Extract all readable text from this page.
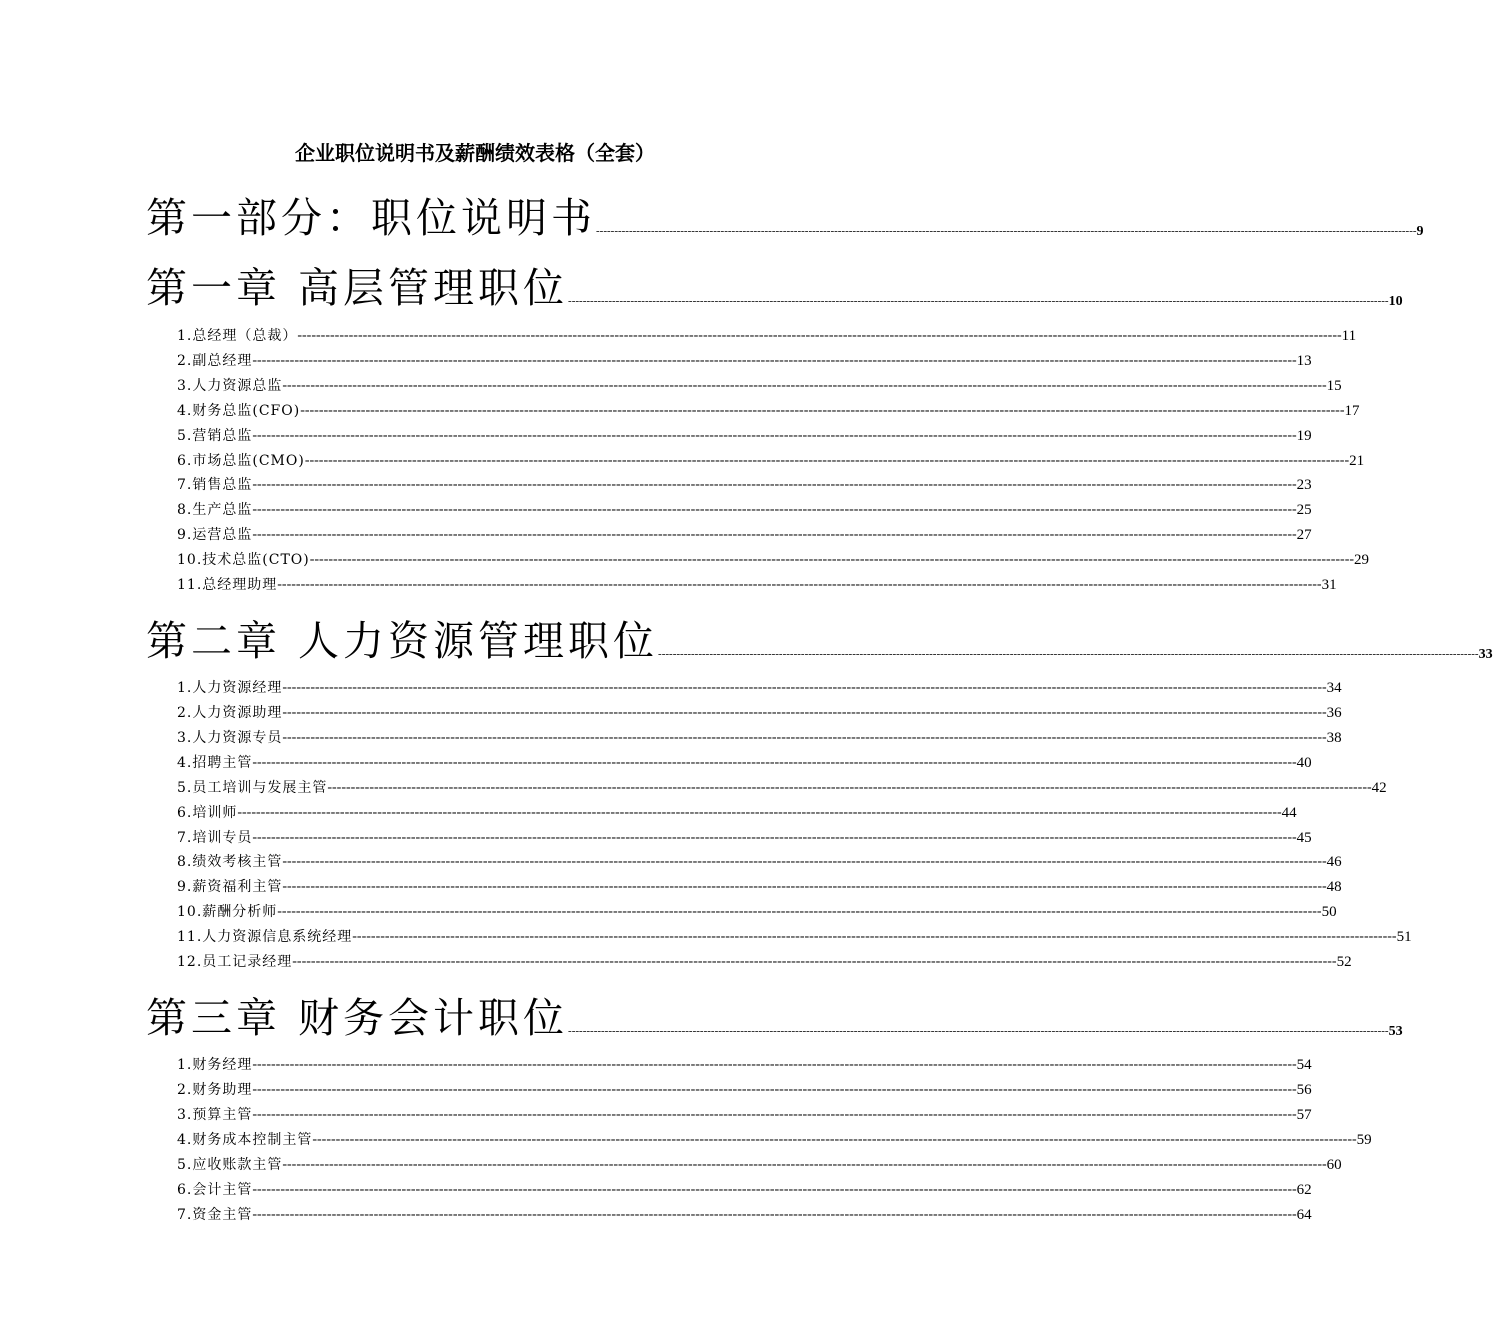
企业职位说明书及薪酬绩效表格（全套）
第一部分：职位说明书 -------------------------------------------------------------------------------------------------------------------------------------------------------------------------------------------------------------------------------- 9
第一章 高层管理职位 -------------------------------------------------------------------------------------------------------------------------------------------------------------------------------------------------------------------------------- 10
1.总经理（总裁） -------------------------------------------------------------------------------------------------------------------------------------------------------------------------------------------------------------------------------- 11
2.副总经理 -------------------------------------------------------------------------------------------------------------------------------------------------------------------------------------------------------------------------------- 13
3.人力资源总监 -------------------------------------------------------------------------------------------------------------------------------------------------------------------------------------------------------------------------------- 15
4.财务总监(CFO) -------------------------------------------------------------------------------------------------------------------------------------------------------------------------------------------------------------------------------- 17
5.营销总监 -------------------------------------------------------------------------------------------------------------------------------------------------------------------------------------------------------------------------------- 19
6.市场总监(CMO) -------------------------------------------------------------------------------------------------------------------------------------------------------------------------------------------------------------------------------- 21
7.销售总监 -------------------------------------------------------------------------------------------------------------------------------------------------------------------------------------------------------------------------------- 23
8.生产总监 -------------------------------------------------------------------------------------------------------------------------------------------------------------------------------------------------------------------------------- 25
9.运营总监 -------------------------------------------------------------------------------------------------------------------------------------------------------------------------------------------------------------------------------- 27
10.技术总监(CTO) -------------------------------------------------------------------------------------------------------------------------------------------------------------------------------------------------------------------------------- 29
11.总经理助理 -------------------------------------------------------------------------------------------------------------------------------------------------------------------------------------------------------------------------------- 31
第二章 人力资源管理职位 -------------------------------------------------------------------------------------------------------------------------------------------------------------------------------------------------------------------------------- 33
1.人力资源经理 -------------------------------------------------------------------------------------------------------------------------------------------------------------------------------------------------------------------------------- 34
2.人力资源助理 -------------------------------------------------------------------------------------------------------------------------------------------------------------------------------------------------------------------------------- 36
3.人力资源专员 -------------------------------------------------------------------------------------------------------------------------------------------------------------------------------------------------------------------------------- 38
4.招聘主管 -------------------------------------------------------------------------------------------------------------------------------------------------------------------------------------------------------------------------------- 40
5.员工培训与发展主管 -------------------------------------------------------------------------------------------------------------------------------------------------------------------------------------------------------------------------------- 42
6.培训师 -------------------------------------------------------------------------------------------------------------------------------------------------------------------------------------------------------------------------------- 44
7.培训专员 -------------------------------------------------------------------------------------------------------------------------------------------------------------------------------------------------------------------------------- 45
8.绩效考核主管 -------------------------------------------------------------------------------------------------------------------------------------------------------------------------------------------------------------------------------- 46
9.薪资福利主管 -------------------------------------------------------------------------------------------------------------------------------------------------------------------------------------------------------------------------------- 48
10.薪酬分析师 -------------------------------------------------------------------------------------------------------------------------------------------------------------------------------------------------------------------------------- 50
11.人力资源信息系统经理 -------------------------------------------------------------------------------------------------------------------------------------------------------------------------------------------------------------------------------- 51
12.员工记录经理 -------------------------------------------------------------------------------------------------------------------------------------------------------------------------------------------------------------------------------- 52
第三章 财务会计职位 -------------------------------------------------------------------------------------------------------------------------------------------------------------------------------------------------------------------------------- 53
1.财务经理 -------------------------------------------------------------------------------------------------------------------------------------------------------------------------------------------------------------------------------- 54
2.财务助理 -------------------------------------------------------------------------------------------------------------------------------------------------------------------------------------------------------------------------------- 56
3.预算主管 -------------------------------------------------------------------------------------------------------------------------------------------------------------------------------------------------------------------------------- 57
4.财务成本控制主管 -------------------------------------------------------------------------------------------------------------------------------------------------------------------------------------------------------------------------------- 59
5.应收账款主管 -------------------------------------------------------------------------------------------------------------------------------------------------------------------------------------------------------------------------------- 60
6.会计主管 -------------------------------------------------------------------------------------------------------------------------------------------------------------------------------------------------------------------------------- 62
7.资金主管 -------------------------------------------------------------------------------------------------------------------------------------------------------------------------------------------------------------------------------- 64
